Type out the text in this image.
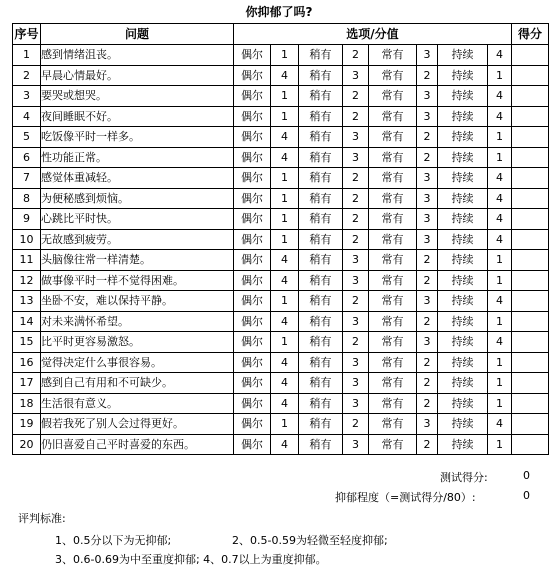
你抑郁了吗?
序号	问题	选项/分值								得分
1	感到情绪沮丧。	偶尔	1	稍有	2	常有	3	持续	4	
2	早晨心情最好。	偶尔	4	稍有	3	常有	2	持续	1	
3	要哭或想哭。	偶尔	1	稍有	2	常有	3	持续	4	
4	夜间睡眠不好。	偶尔	1	稍有	2	常有	3	持续	4	
5	吃饭像平时一样多。	偶尔	4	稍有	3	常有	2	持续	1	
6	性功能正常。	偶尔	4	稍有	3	常有	2	持续	1	
7	感觉体重减轻。	偶尔	1	稍有	2	常有	3	持续	4	
8	为便秘感到烦恼。	偶尔	1	稍有	2	常有	3	持续	4	
9	心跳比平时快。	偶尔	1	稍有	2	常有	3	持续	4	
10	无故感到疲劳。	偶尔	1	稍有	2	常有	3	持续	4	
11	头脑像往常一样清楚。	偶尔	4	稍有	3	常有	2	持续	1	
12	做事像平时一样不觉得困难。	偶尔	4	稍有	3	常有	2	持续	1	
13	坐卧不安，难以保持平静。	偶尔	1	稍有	2	常有	3	持续	4	
14	对未来满怀希望。	偶尔	4	稍有	3	常有	2	持续	1	
15	比平时更容易激怒。	偶尔	1	稍有	2	常有	3	持续	4	
16	觉得决定什么事很容易。	偶尔	4	稍有	3	常有	2	持续	1	
17	感到自己有用和不可缺少。	偶尔	4	稍有	3	常有	2	持续	1	
18	生活很有意义。	偶尔	4	稍有	3	常有	2	持续	1	
19	假若我死了别人会过得更好。	偶尔	1	稍有	2	常有	3	持续	4	
20	仍旧喜爱自己平时喜爱的东西。	偶尔	4	稍有	3	常有	2	持续	1	
测试得分:	0
抑郁程度（=测试得分/80）:	0
评判标准:
1、0.5分以下为无抑郁;	2、0.5-0.59为轻微至轻度抑郁;
3、0.6-0.69为中至重度抑郁; 4、0.7以上为重度抑郁。
